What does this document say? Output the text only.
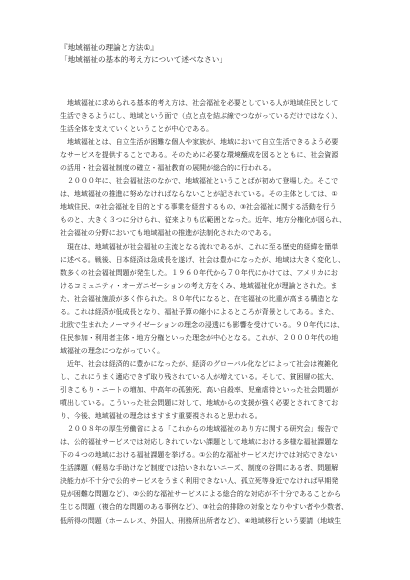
『地域福祉の理論と方法①』
「地域福祉の基本的考え方について述べなさい」
　地域福祉に求められる基本的考え方は、社会福祉を必要としている人が地域住民として
生活できるようにし、地域という面で（点と点を結ぶ線でつながっているだけではなく）、
生活全体を支えていくということが中心である。
　地域福祉とは、自立生活が困難な個人や家族が、地域において自立生活できるよう必要
なサービスを提供することである。そのために必要な環境醸成を図るとともに、社会資源
の活用・社会福祉制度の確立・福祉教育の展開が総合的に行われる。
　２０００年に、社会福祉法のなかで、地域福祉ということばが初めて登場した。そこで
は、地域福祉の推進に努めなければならないことが記されている。その主体としては、①
地域住民、②社会福祉を目的とする事業を経営するもの、③社会福祉に関する活動を行う
ものと、大きく３つに分けられ、従来よりも広範囲となった。近年、地方分権化が図られ、
社会福祉の分野においても地域福祉の推進が法制化されたのである。
　現在は、地域福祉が社会福祉の主流となる流れであるが、これに至る歴史的経緯を簡単
に述べる。戦後、日本経済は急成長を遂げ、社会は豊かになったが、地域は大きく変化し、
数多くの社会福祉問題が発生した。１９６０年代から７０年代にかけては、アメリカにお
けるコミュニティ・オーガニゼーションの考え方をくみ、地域福祉化が理論とされた。ま
た、社会福祉施設が多く作られた。８０年代になると、在宅福祉の比重が高まる構造とな
る。これは経済が低成長となり、福祉予算の縮小によるところが背景としてある。また、
北欧で生まれたノーマライゼーションの理念の浸透にも影響を受けている。９０年代には、
住民参加・利用者主体・地方分権といった理念が中心となる。これが、２０００年代の地
域福祉の理念につながっていく。
　近年、社会は経済的に豊かになったが、経済のグローバル化などによって社会は複雑化
し、これにうまく適応できず取り残されている人が増えている。そして、貧困層の拡大、
引きこもり・ニートの増加、中高年の孤独死、高い自殺率、児童虐待といった社会問題が
噴出している。こういった社会問題に対して、地域からの支援が強く必要とされてきてお
り、今後、地域福祉の理念はますます重要視されると思われる。
　２００８年の厚生労働省による「これからの地域福祉のあり方に関する研究会」報告で
は、公的福祉サービスでは対応しきれていない課題として地域における多様な福祉課題な
下の４つの地域における福祉課題を挙げる。①公的な福祉サービスだけでは対応できない
生活課題（軽易な手助けなど制度では拾いきれないニーズ、制度の谷間にある者、問題解
決能力が不十分で公的サービスをうまく利用できない人、孤立死等身近でなければ早期発
見が困難な問題など）、②公的な福祉サービスによる総合的な対応が不十分であることから
生じる問題（複合的な問題のある事例など）、③社会的排除の対象となりやすい者や少数者、
低所得の問題（ホームレス、外国人、刑務所出所者など）、④地域移行という要請（地域生
